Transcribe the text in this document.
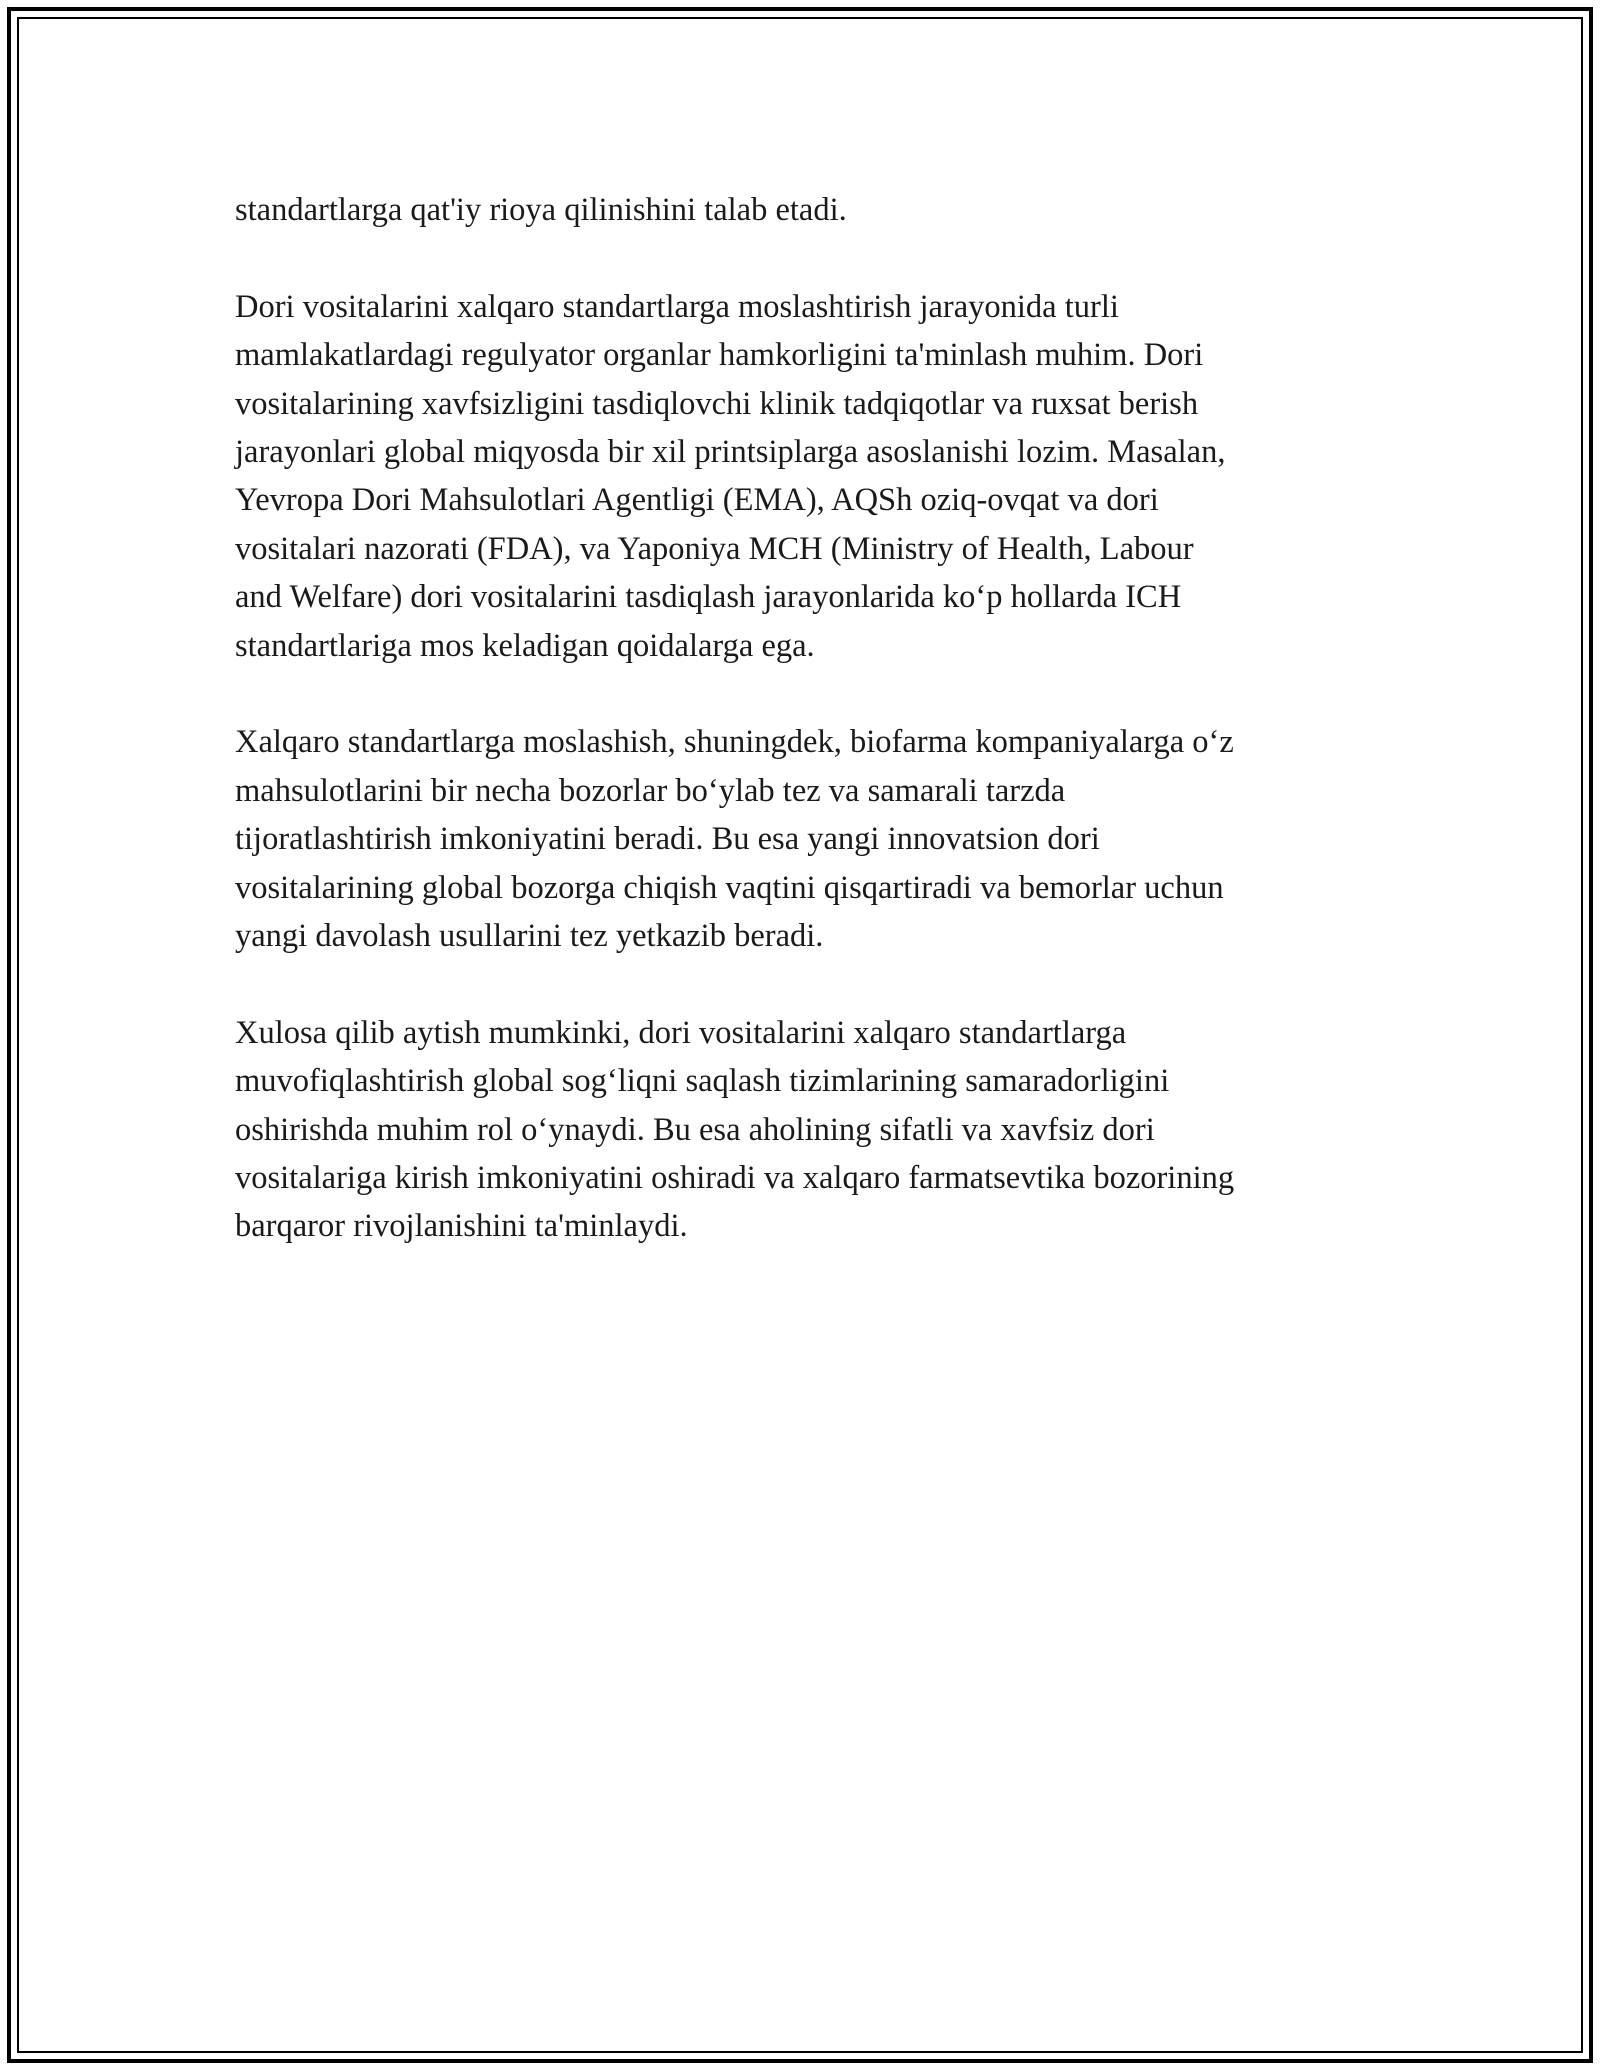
standartlarga qat'iy rioya qilinishini talab etadi.

Dori vositalarini xalqaro standartlarga moslashtirish jarayonida turli
mamlakatlardagi regulyator organlar hamkorligini ta'minlash muhim. Dori
vositalarining xavfsizligini tasdiqlovchi klinik tadqiqotlar va ruxsat berish
jarayonlari global miqyosda bir xil printsiplarga asoslanishi lozim. Masalan,
Yevropa Dori Mahsulotlari Agentligi (EMA), AQSh oziq-ovqat va dori
vositalari nazorati (FDA), va Yaponiya MCH (Ministry of Health, Labour
and Welfare) dori vositalarini tasdiqlash jarayonlarida koʻp hollarda ICH
standartlariga mos keladigan qoidalarga ega.

Xalqaro standartlarga moslashish, shuningdek, biofarma kompaniyalarga oʻz
mahsulotlarini bir necha bozorlar boʻylab tez va samarali tarzda
tijoratlashtirish imkoniyatini beradi. Bu esa yangi innovatsion dori
vositalarining global bozorga chiqish vaqtini qisqartiradi va bemorlar uchun
yangi davolash usullarini tez yetkazib beradi.

Xulosa qilib aytish mumkinki, dori vositalarini xalqaro standartlarga
muvofiqlashtirish global sogʻliqni saqlash tizimlarining samaradorligini
oshirishda muhim rol oʻynaydi. Bu esa aholining sifatli va xavfsiz dori
vositalariga kirish imkoniyatini oshiradi va xalqaro farmatsevtika bozorining
barqaror rivojlanishini ta'minlaydi.
